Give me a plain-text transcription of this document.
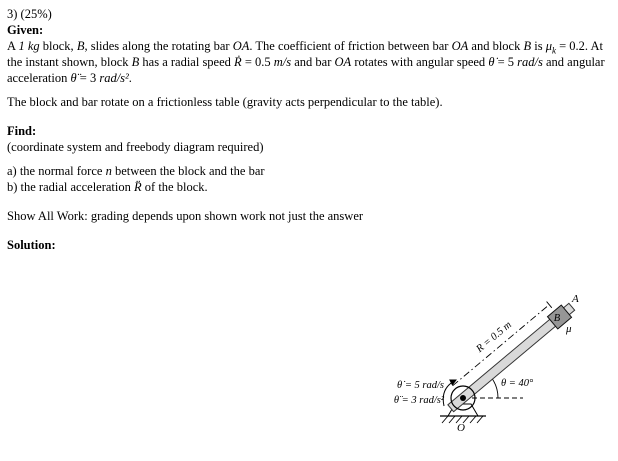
3) (25%)
Given:

A 1 kg block, B, slides along the rotating bar OA. The coefficient of friction between bar OA and block B is $\mu_k = 0.2$. At the instant shown, block B has a radial speed Ṙ = 0.5 m/s and bar OA rotates with angular speed θ̇ = 5 rad/s and angular acceleration θ̈ = 3 rad/s².

The block and bar rotate on a frictionless table (gravity acts perpendicular to the table).

Find:

(coordinate system and freebody diagram required)

a) the normal force n between the block and the bar

b) the radial acceleration R̈ of the block.

Show All Work: grading depends upon shown work not just the answer

Solution:
A
B
μ
R = 0.5 m
θ = 40°
θ̇ = 5 rad/s
θ̈ = 3 rad/s²
O
